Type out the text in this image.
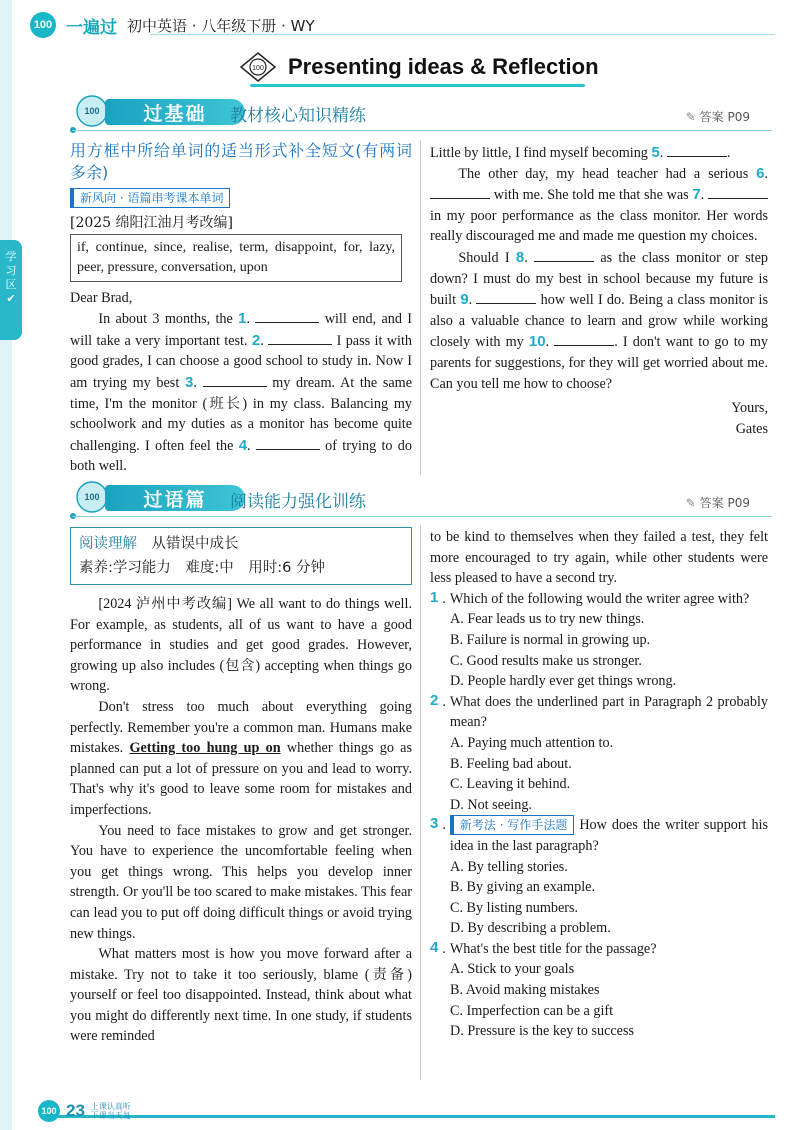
100 一遍过 初中英语 · 八年级下册 · WY
100 Presenting ideas & Reflection
学
习
区
✔
100	过基础	教材核心知识精练	✎ 答案 P09
用方框中所给单词的适当形式补全短文(有两词多余)
新风向 · 语篇串考课本单词
[2025 绵阳江油月考改编]
if, continue, since, realise, term, disappoint, for, lazy, peer, pressure, conversation, upon

Dear Brad,

In about 3 months, the 1.	will end, and I will take a very important test. 2.	I pass it with good grades, I can choose a good school to study in. Now I am trying my best 3.	my dream. At the same time, I'm the monitor (班长) in my class. Balancing my schoolwork and my duties as a monitor has become quite challenging. I often feel the 4.	of trying to do both well.

Little by little, I find myself becoming 5.	.

The other day, my head teacher had a serious 6.  with me. She told me that she was 7.  in my poor performance as the class monitor. Her words really discouraged me and made me question my choices.

Should I 8.	as the class monitor or step down? I must do my best in school because my future is built 9.	how well I do. Being a class monitor is also a valuable chance to learn and grow while working closely with my 10.	. I don't want to go to my parents for suggestions, for they will get worried about me. Can you tell me how to choose?

Yours,

Gates

100	过语篇	阅读能力强化训练	✎ 答案 P09
阅读理解　 从错误中成长
素养:学习能力　难度:中　用时:6 分钟

[2024 泸州中考改编] We all want to do things well. For example, as students, all of us want to have a good performance in studies and get good grades. However, growing up also includes (包含) accepting when things go wrong.

Don't stress too much about everything going perfectly. Remember you're a common man. Humans make mistakes. Getting too hung up on whether things go as planned can put a lot of pressure on you and lead to worry. That's why it's good to leave some room for mistakes and imperfections.

You need to face mistakes to grow and get stronger. You have to experience the uncomfortable feeling when you get things wrong. This helps you develop inner strength. Or you'll be too scared to make mistakes. This fear can lead you to put off doing difficult things or avoid trying new things.

What matters most is how you move forward after a mistake. Try not to take it too seriously, blame (责备) yourself or feel too disappointed. Instead, think about what you might do differently next time. In one study, if students were reminded

to be kind to themselves when they failed a test, they felt more encouraged to try again, while other students were less pleased to have a second try.

1 . Which of the following would the writer agree with?
A. Fear leads us to try new things.
B. Failure is normal in growing up.
C. Good results make us stronger.
D. People hardly ever get things wrong.
2 . What does the underlined part in Paragraph 2 probably mean?
A. Paying much attention to.
B. Feeling bad about.
C. Leaving it behind.
D. Not seeing.
3 .	新考法 · 写作手法题 How does the writer support his idea in the last paragraph?
A. By telling stories.
B. By giving an example.
C. By listing numbers.
D. By describing a problem.
4 . What's the best title for the passage?
A. Stick to your goals
B. Avoid making mistakes
C. Imperfection can be a gift
D. Pressure is the key to success
100 23 上课认真听
下课当天复
